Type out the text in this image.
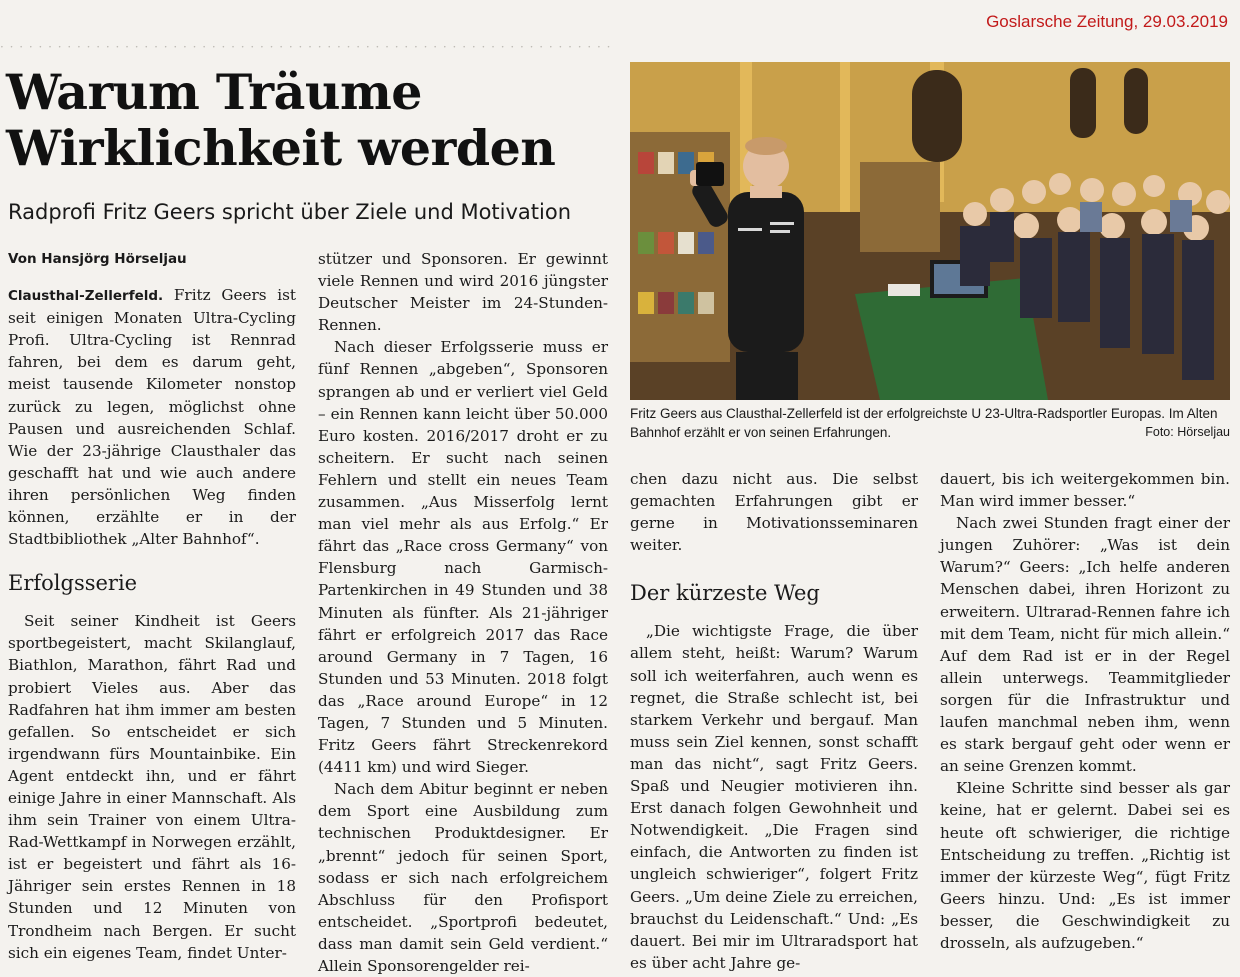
Goslarsche Zeitung, 29.03.2019
· · · · · · · · · · · · · · · · · · · · · · · · · · · · · · · · · · · · · · · · · · · · · · · · · · · · · · · · · · · · · · · ·
Warum Träume
Wirklichkeit werden
Radprofi Fritz Geers spricht über Ziele und Motivation

Von Hansjörg Hörseljau

Clausthal-Zellerfeld. Fritz Geers ist seit einigen Monaten Ultra-Cycling Profi. Ultra-Cycling ist Rennrad fahren, bei dem es darum geht, meist tausende Kilometer nonstop zurück zu legen, möglichst ohne Pausen und ausreichenden Schlaf. Wie der 23-jährige Clausthaler das geschafft hat und wie auch andere ihren persönlichen Weg finden können, erzählte er in der Stadtbibliothek „Alter Bahnhof“.

Erfolgsserie

Seit seiner Kindheit ist Geers sportbegeistert, macht Skilanglauf, Biathlon, Marathon, fährt Rad und probiert Vieles aus. Aber das Radfahren hat ihm immer am besten gefallen. So entscheidet er sich irgendwann fürs Mountainbike. Ein Agent entdeckt ihn, und er fährt einige Jahre in einer Mannschaft. Als ihm sein Trainer von einem Ultra-Rad-Wettkampf in Norwegen erzählt, ist er begeistert und fährt als 16-Jähriger sein erstes Rennen in 18 Stunden und 12 Minuten von Trondheim nach Bergen. Er sucht sich ein eigenes Team, findet Unter-

stützer und Sponsoren. Er gewinnt viele Rennen und wird 2016 jüngster Deutscher Meister im 24-Stunden-Rennen.

Nach dieser Erfolgsserie muss er fünf Rennen „abgeben“, Sponsoren sprangen ab und er verliert viel Geld – ein Rennen kann leicht über 50.000 Euro kosten. 2016/2017 droht er zu scheitern. Er sucht nach seinen Fehlern und stellt ein neues Team zusammen. „Aus Misserfolg lernt man viel mehr als aus Erfolg.“ Er fährt das „Race cross Germany“ von Flensburg nach Garmisch-Partenkirchen in 49 Stunden und 38 Minuten als fünfter. Als 21-jähriger fährt er erfolgreich 2017 das Race around Germany in 7 Tagen, 16 Stunden und 53 Minuten. 2018 folgt das „Race around Europe“ in 12 Tagen, 7 Stunden und 5 Minuten. Fritz Geers fährt Streckenrekord (4411 km) und wird Sieger.

Nach dem Abitur beginnt er neben dem Sport eine Ausbildung zum technischen Produktdesigner. Er „brennt“ jedoch für seinen Sport, sodass er sich nach erfolgreichem Abschluss für den Profisport entscheidet. „Sportprofi bedeutet, dass man damit sein Geld verdient.“ Allein Sponsorengelder rei-

Fritz Geers aus Clausthal-Zellerfeld ist der erfolgreichste U 23-Ultra-Radsportler Europas. Im Alten Bahnhof erzählt er von seinen Erfahrungen.	Foto: Hörseljau

chen dazu nicht aus. Die selbst gemachten Erfahrungen gibt er gerne in Motivationsseminaren weiter.

Der kürzeste Weg

„Die wichtigste Frage, die über allem steht, heißt: Warum? Warum soll ich weiterfahren, auch wenn es regnet, die Straße schlecht ist, bei starkem Verkehr und bergauf. Man muss sein Ziel kennen, sonst schafft man das nicht“, sagt Fritz Geers. Spaß und Neugier motivieren ihn. Erst danach folgen Gewohnheit und Notwendigkeit. „Die Fragen sind einfach, die Antworten zu finden ist ungleich schwieriger“, folgert Fritz Geers. „Um deine Ziele zu erreichen, brauchst du Leidenschaft.“ Und: „Es dauert. Bei mir im Ultraradsport hat es über acht Jahre ge-

dauert, bis ich weitergekommen bin. Man wird immer besser.“

Nach zwei Stunden fragt einer der jungen Zuhörer: „Was ist dein Warum?“ Geers: „Ich helfe anderen Menschen dabei, ihren Horizont zu erweitern. Ultrarad-Rennen fahre ich mit dem Team, nicht für mich allein.“ Auf dem Rad ist er in der Regel allein unterwegs. Teammitglieder sorgen für die Infrastruktur und laufen manchmal neben ihm, wenn es stark bergauf geht oder wenn er an seine Grenzen kommt.

Kleine Schritte sind besser als gar keine, hat er gelernt. Dabei sei es heute oft schwieriger, die richtige Entscheidung zu treffen. „Richtig ist immer der kürzeste Weg“, fügt Fritz Geers hinzu. Und: „Es ist immer besser, die Geschwindigkeit zu drosseln, als aufzugeben.“
